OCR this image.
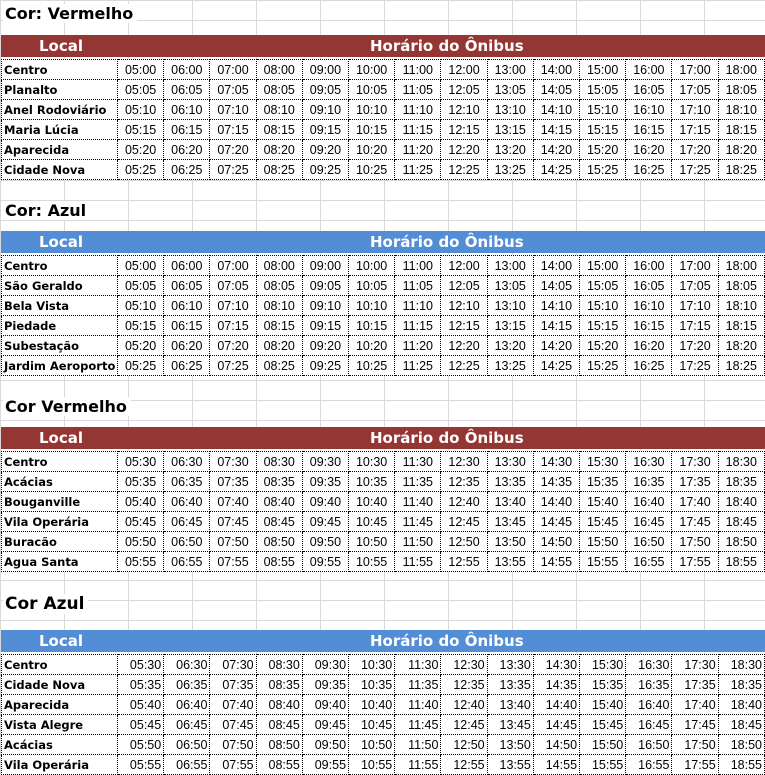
Cor: Vermelho
Local	Horário do Ônibus
Centro	05:00	06:00	07:00	08:00	09:00	10:00	11:00	12:00	13:00	14:00	15:00	16:00	17:00	18:00
Planalto	05:05	06:05	07:05	08:05	09:05	10:05	11:05	12:05	13:05	14:05	15:05	16:05	17:05	18:05
Anel Rodoviário	05:10	06:10	07:10	08:10	09:10	10:10	11:10	12:10	13:10	14:10	15:10	16:10	17:10	18:10
Maria Lúcia	05:15	06:15	07:15	08:15	09:15	10:15	11:15	12:15	13:15	14:15	15:15	16:15	17:15	18:15
Aparecida	05:20	06:20	07:20	08:20	09:20	10:20	11:20	12:20	13:20	14:20	15:20	16:20	17:20	18:20
Cidade Nova	05:25	06:25	07:25	08:25	09:25	10:25	11:25	12:25	13:25	14:25	15:25	16:25	17:25	18:25
Cor: Azul
Local	Horário do Ônibus
Centro	05:00	06:00	07:00	08:00	09:00	10:00	11:00	12:00	13:00	14:00	15:00	16:00	17:00	18:00
São Geraldo	05:05	06:05	07:05	08:05	09:05	10:05	11:05	12:05	13:05	14:05	15:05	16:05	17:05	18:05
Bela Vista	05:10	06:10	07:10	08:10	09:10	10:10	11:10	12:10	13:10	14:10	15:10	16:10	17:10	18:10
Piedade	05:15	06:15	07:15	08:15	09:15	10:15	11:15	12:15	13:15	14:15	15:15	16:15	17:15	18:15
Subestação	05:20	06:20	07:20	08:20	09:20	10:20	11:20	12:20	13:20	14:20	15:20	16:20	17:20	18:20
Jardim Aeroporto	05:25	06:25	07:25	08:25	09:25	10:25	11:25	12:25	13:25	14:25	15:25	16:25	17:25	18:25
Cor Vermelho
Local	Horário do Ônibus
Centro	05:30	06:30	07:30	08:30	09:30	10:30	11:30	12:30	13:30	14:30	15:30	16:30	17:30	18:30
Acácias	05:35	06:35	07:35	08:35	09:35	10:35	11:35	12:35	13:35	14:35	15:35	16:35	17:35	18:35
Bouganville	05:40	06:40	07:40	08:40	09:40	10:40	11:40	12:40	13:40	14:40	15:40	16:40	17:40	18:40
Vila Operária	05:45	06:45	07:45	08:45	09:45	10:45	11:45	12:45	13:45	14:45	15:45	16:45	17:45	18:45
Buracão	05:50	06:50	07:50	08:50	09:50	10:50	11:50	12:50	13:50	14:50	15:50	16:50	17:50	18:50
Agua Santa	05:55	06:55	07:55	08:55	09:55	10:55	11:55	12:55	13:55	14:55	15:55	16:55	17:55	18:55
Cor Azul
Local	Horário do Ônibus
Centro	05:30	06:30	07:30	08:30	09:30	10:30	11:30	12:30	13:30	14:30	15:30	16:30	17:30	18:30
Cidade Nova	05:35	06:35	07:35	08:35	09:35	10:35	11:35	12:35	13:35	14:35	15:35	16:35	17:35	18:35
Aparecida	05:40	06:40	07:40	08:40	09:40	10:40	11:40	12:40	13:40	14:40	15:40	16:40	17:40	18:40
Vista Alegre	05:45	06:45	07:45	08:45	09:45	10:45	11:45	12:45	13:45	14:45	15:45	16:45	17:45	18:45
Acácias	05:50	06:50	07:50	08:50	09:50	10:50	11:50	12:50	13:50	14:50	15:50	16:50	17:50	18:50
Vila Operária	05:55	06:55	07:55	08:55	09:55	10:55	11:55	12:55	13:55	14:55	15:55	16:55	17:55	18:55
